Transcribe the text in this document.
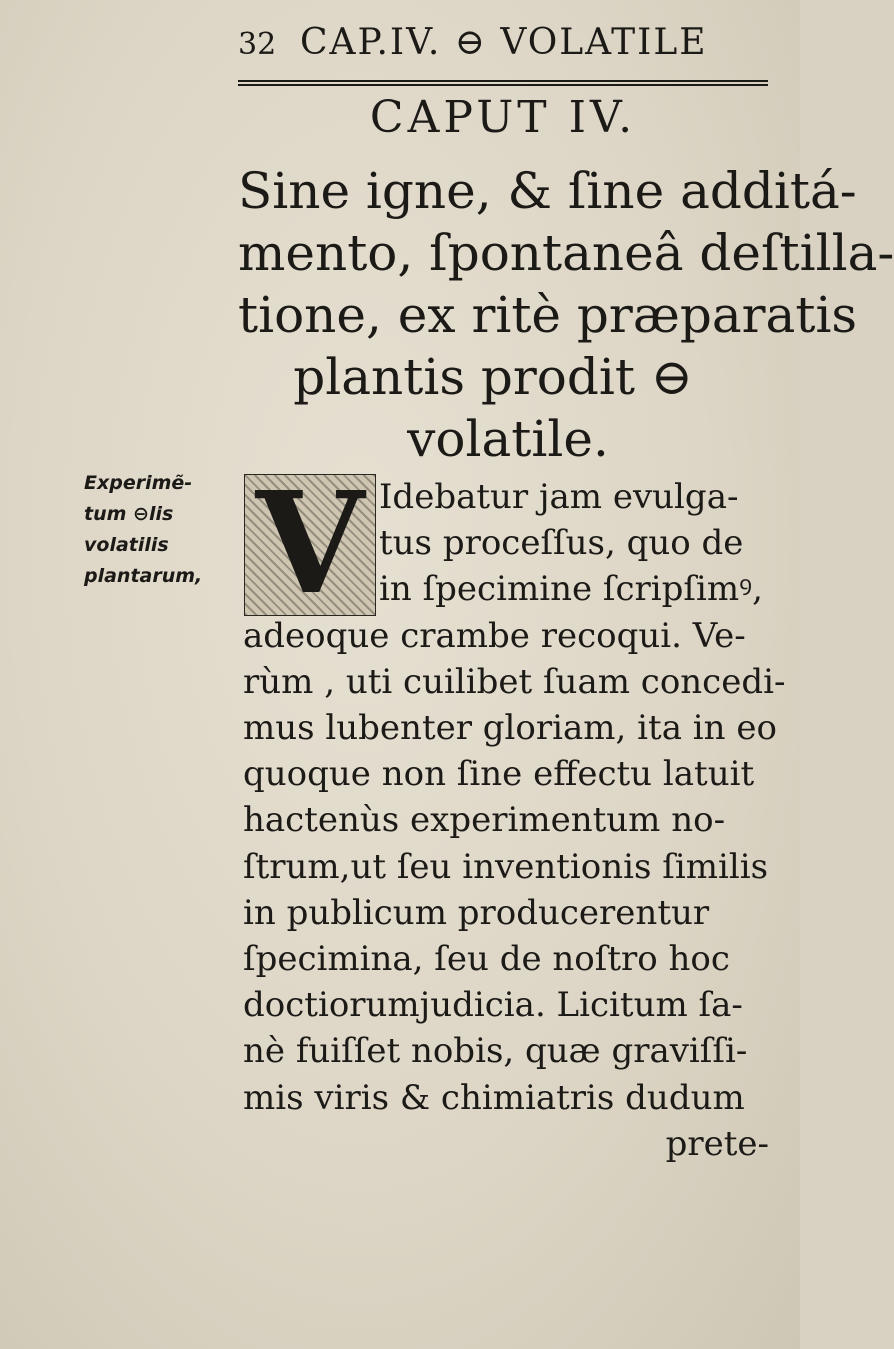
32 CAP.IV. ⊖ VOLATILE
CAPUT IV.
Sine igne, & ſine additá-
mento, ſpontaneâ deſtilla-
tione, ex ritè præparatis
plantis prodit ⊖
volatile.
Experimẽ-
tum ⊖lis
volatilis
plantarum, V Idebatur jam evulga-
tus proceſſus, quo de
in ſpecimine ſcripſimꝰ,
adeoque crambe recoqui. Ve-
rùm , uti cuilibet ſuam concedi-
mus lubenter gloriam, ita in eo
quoque non ſine effectu latuit
hactenùs experimentum no-
ſtrum,ut ſeu inventionis ſimilis
in publicum producerentur
ſpecimina, ſeu de noſtro hoc
doctiorumjudicia. Licitum ſa-
nè fuiſſet nobis, quæ graviſſi-
mis viris & chimiatris dudum
prete-
